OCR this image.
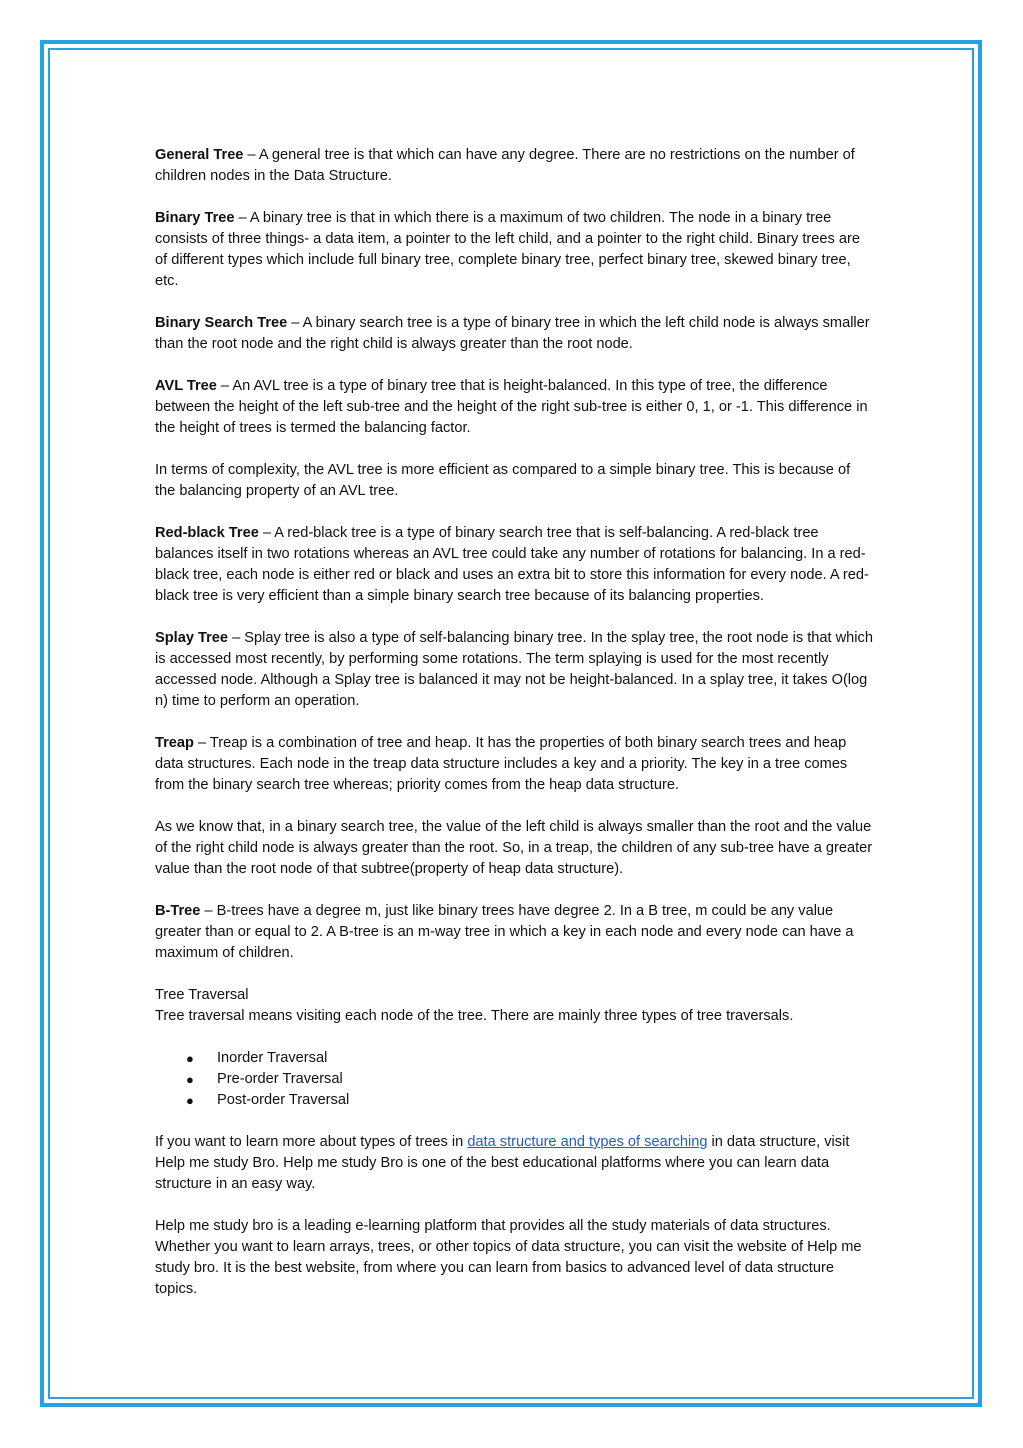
General Tree – A general tree is that which can have any degree. There are no restrictions on the number of children nodes in the Data Structure.

Binary Tree – A binary tree is that in which there is a maximum of two children. The node in a binary tree consists of three things- a data item, a pointer to the left child, and a pointer to the right child. Binary trees are of different types which include full binary tree, complete binary tree, perfect binary tree, skewed binary tree, etc.

Binary Search Tree – A binary search tree is a type of binary tree in which the left child node is always smaller than the root node and the right child is always greater than the root node.

AVL Tree – An AVL tree is a type of binary tree that is height-balanced. In this type of tree, the difference between the height of the left sub-tree and the height of the right sub-tree is either 0, 1, or -1. This difference in the height of trees is termed the balancing factor.

In terms of complexity, the AVL tree is more efficient as compared to a simple binary tree. This is because of the balancing property of an AVL tree.

Red-black Tree – A red-black tree is a type of binary search tree that is self-balancing. A red-black tree balances itself in two rotations whereas an AVL tree could take any number of rotations for balancing. In a red-black tree, each node is either red or black and uses an extra bit to store this information for every node. A red-black tree is very efficient than a simple binary search tree because of its balancing properties.

Splay Tree – Splay tree is also a type of self-balancing binary tree. In the splay tree, the root node is that which is accessed most recently, by performing some rotations. The term splaying is used for the most recently accessed node. Although a Splay tree is balanced it may not be height-balanced. In a splay tree, it takes O(log n) time to perform an operation.

Treap – Treap is a combination of tree and heap. It has the properties of both binary search trees and heap data structures. Each node in the treap data structure includes a key and a priority. The key in a tree comes from the binary search tree whereas; priority comes from the heap data structure.

As we know that, in a binary search tree, the value of the left child is always smaller than the root and the value of the right child node is always greater than the root. So, in a treap, the children of any sub-tree have a greater value than the root node of that subtree(property of heap data structure).

B-Tree – B-trees have a degree m, just like binary trees have degree 2. In a B tree, m could be any value greater than or equal to 2. A B-tree is an m-way tree in which a key in each node and every node can have a maximum of children.

Tree Traversal
Tree traversal means visiting each node of the tree. There are mainly three types of tree traversals.

● Inorder Traversal
● Pre-order Traversal
● Post-order Traversal

If you want to learn more about types of trees in data structure and types of searching in data structure, visit Help me study Bro. Help me study Bro is one of the best educational platforms where you can learn data structure in an easy way.

Help me study bro is a leading e-learning platform that provides all the study materials of data structures. Whether you want to learn arrays, trees, or other topics of data structure, you can visit the website of Help me study bro. It is the best website, from where you can learn from basics to advanced level of data structure topics.
